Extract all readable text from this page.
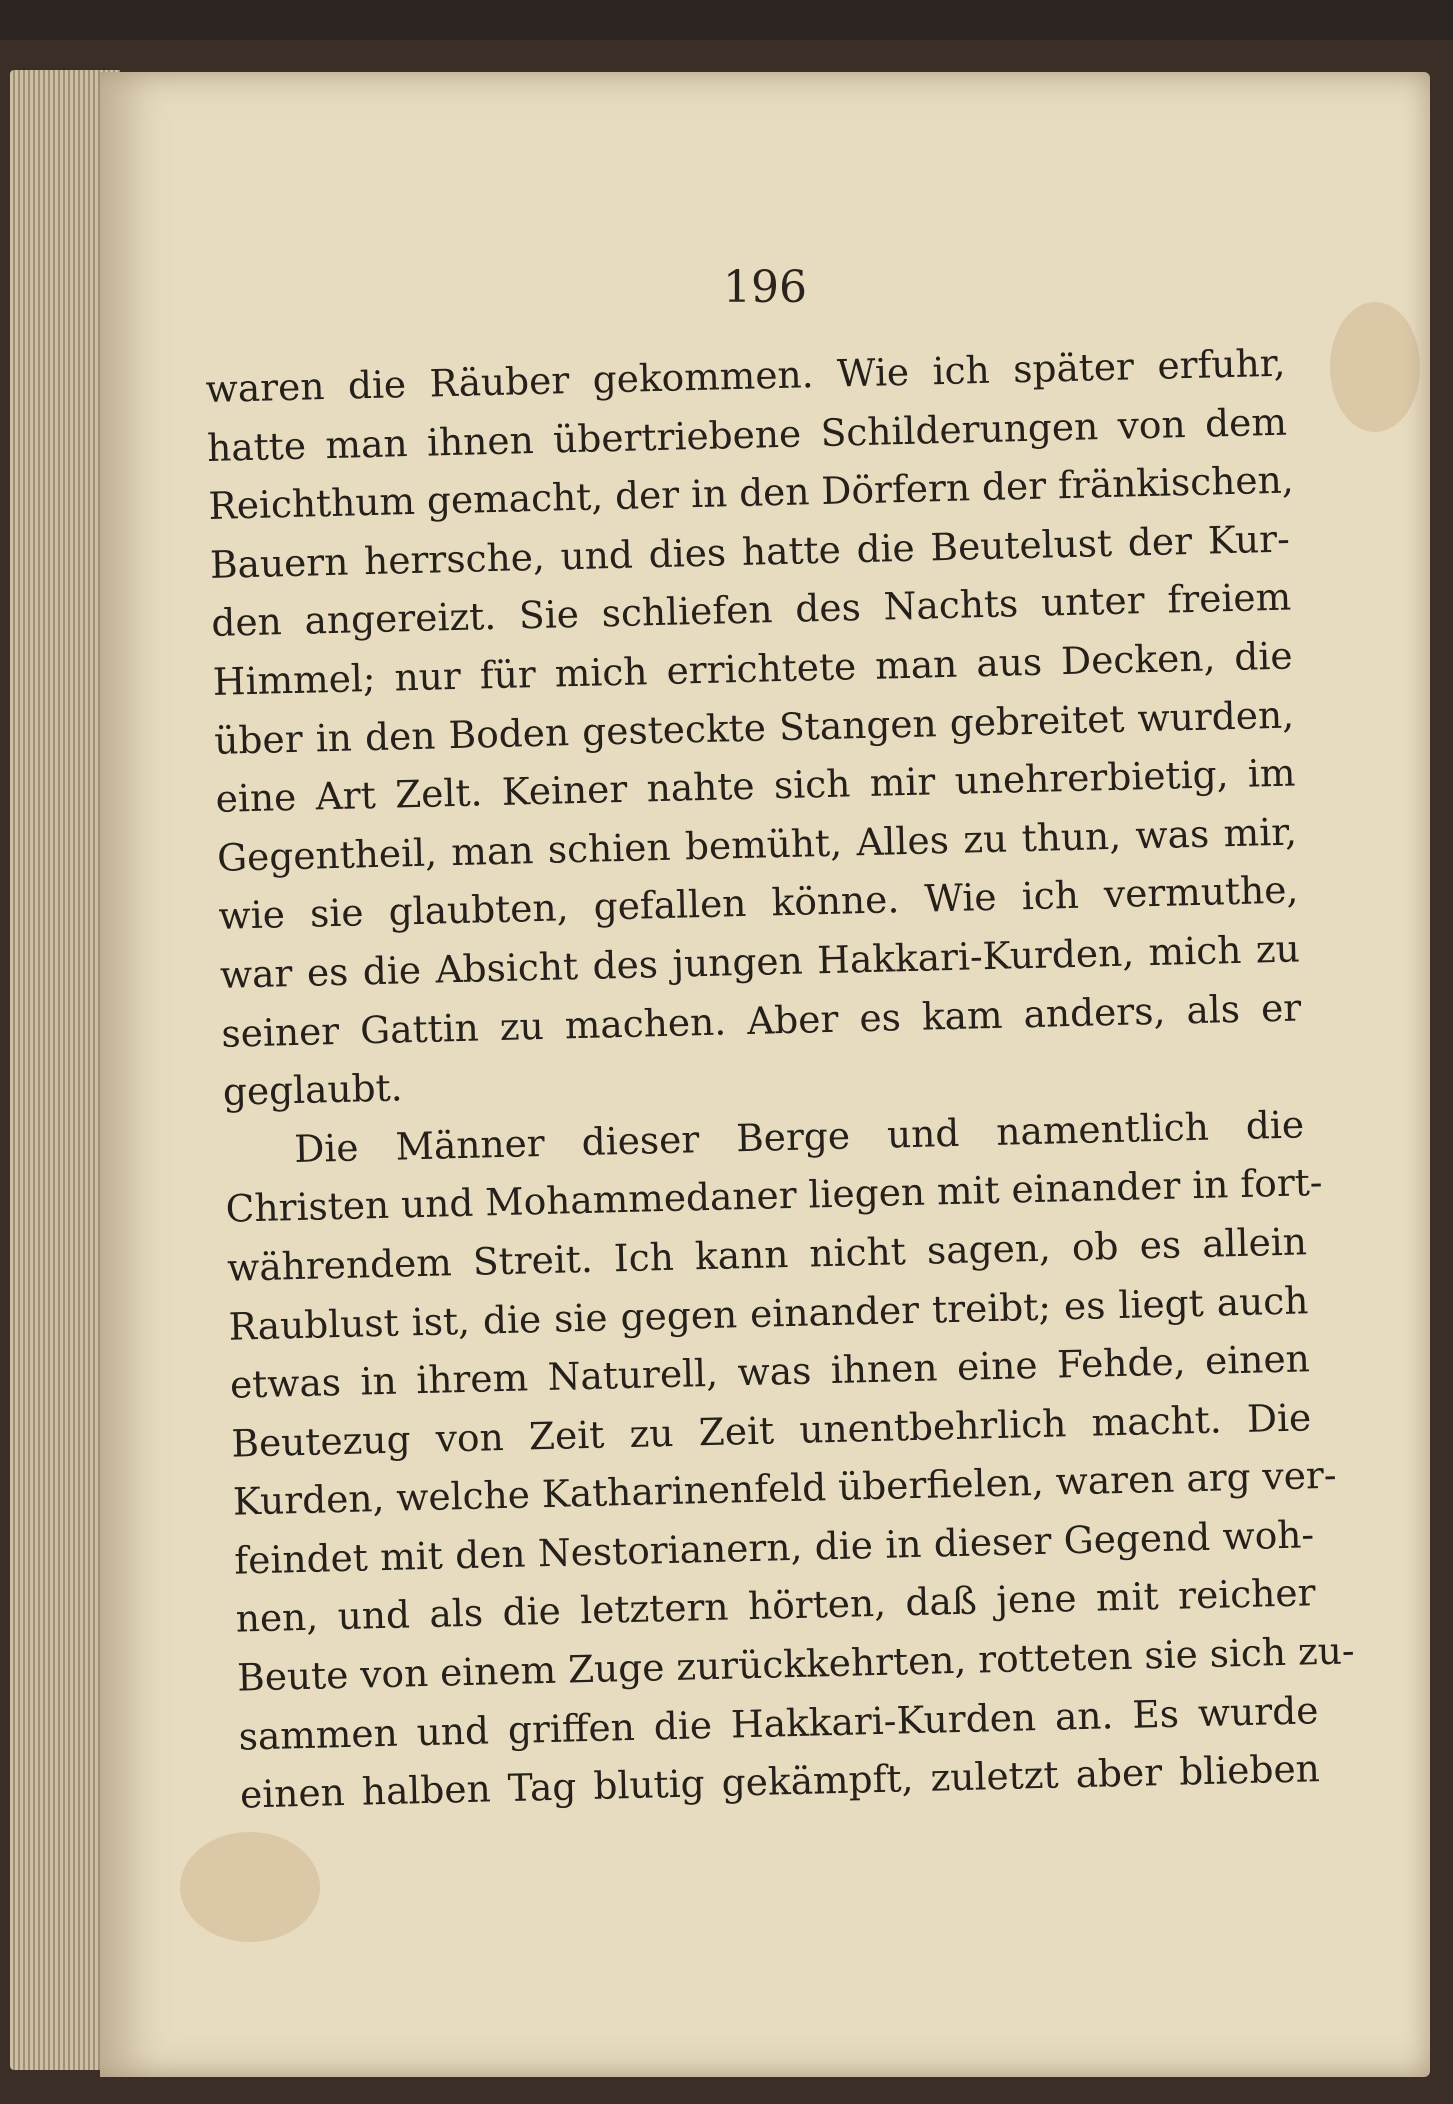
196
waren die Räuber gekommen. Wie ich später erfuhr,
hatte man ihnen übertriebene Schilderungen von dem
Reichthum gemacht, der in den Dörfern der fränkischen,
Bauern herrsche, und dies hatte die Beutelust der Kur-
den angereizt. Sie schliefen des Nachts unter freiem
Himmel; nur für mich errichtete man aus Decken, die
über in den Boden gesteckte Stangen gebreitet wurden,
eine Art Zelt. Keiner nahte sich mir unehrerbietig, im
Gegentheil, man schien bemüht, Alles zu thun, was mir,
wie sie glaubten, gefallen könne. Wie ich vermuthe,
war es die Absicht des jungen Hakkari-Kurden, mich zu
seiner Gattin zu machen. Aber es kam anders, als er
geglaubt.
Die Männer dieser Berge und namentlich die
Christen und Mohammedaner liegen mit einander in fort-
währendem Streit. Ich kann nicht sagen, ob es allein
Raublust ist, die sie gegen einander treibt; es liegt auch
etwas in ihrem Naturell, was ihnen eine Fehde, einen
Beutezug von Zeit zu Zeit unentbehrlich macht. Die
Kurden, welche Katharinenfeld überfielen, waren arg ver-
feindet mit den Nestorianern, die in dieser Gegend woh-
nen, und als die letztern hörten, daß jene mit reicher
Beute von einem Zuge zurückkehrten, rotteten sie sich zu-
sammen und griffen die Hakkari-Kurden an. Es wurde
einen halben Tag blutig gekämpft, zuletzt aber blieben
